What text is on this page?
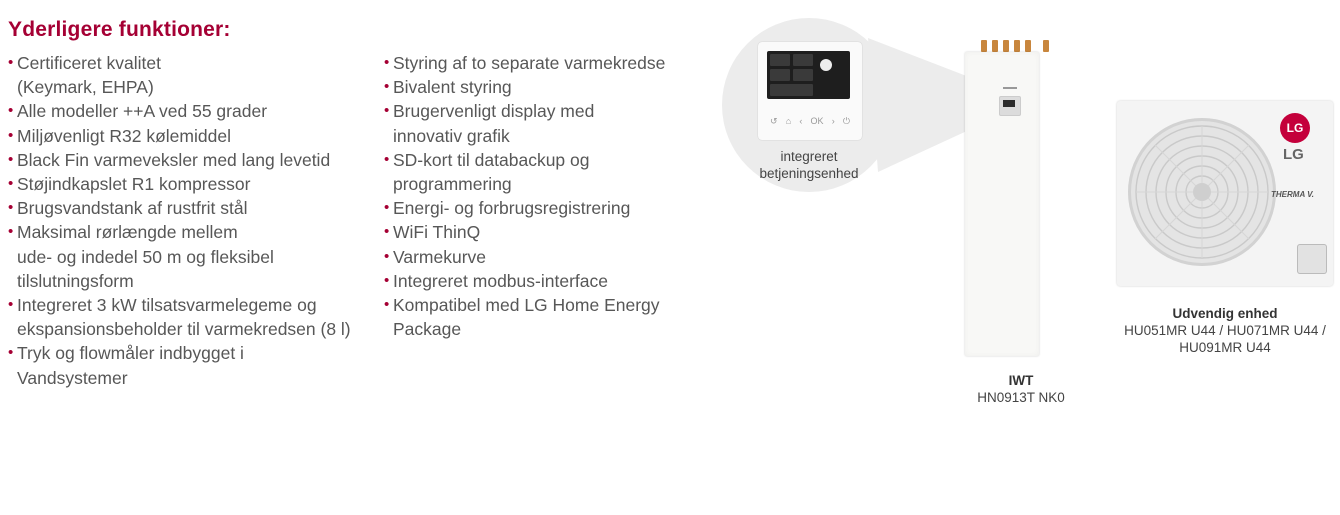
Yderligere funktioner:
• Certificeret kvalitet
(Keymark, EHPA)
• Alle modeller ++A ved 55 grader
• Miljøvenligt R32 kølemiddel
• Black Fin varmeveksler med lang levetid
• Støjindkapslet R1 kompressor
• Brugsvandstank af rustfrit stål
• Maksimal rørlængde mellem
ude- og indedel 50 m og fleksibel
tilslutningsform
• Integreret 3 kW tilsatsvarmelegeme og
ekspansionsbeholder til varmekredsen (8 l)
• Tryk og flowmåler indbygget i
Vandsystemer
• Styring af to separate varmekredse
• Bivalent styring
• Brugervenligt display med
innovativ grafik
• SD-kort til databackup og
programmering
• Energi- og forbrugsregistrering
• WiFi ThinQ
• Varmekurve
• Integreret modbus-interface
• Kompatibel med LG Home Energy
Package
↺ ⌂ ‹ OK › ⏻
integreret
betjeningsenhed
IWT
HN0913T NK0
LG
LG
THERMA V.
Udvendig enhed
HU051MR U44 / HU071MR U44 /
HU091MR U44
